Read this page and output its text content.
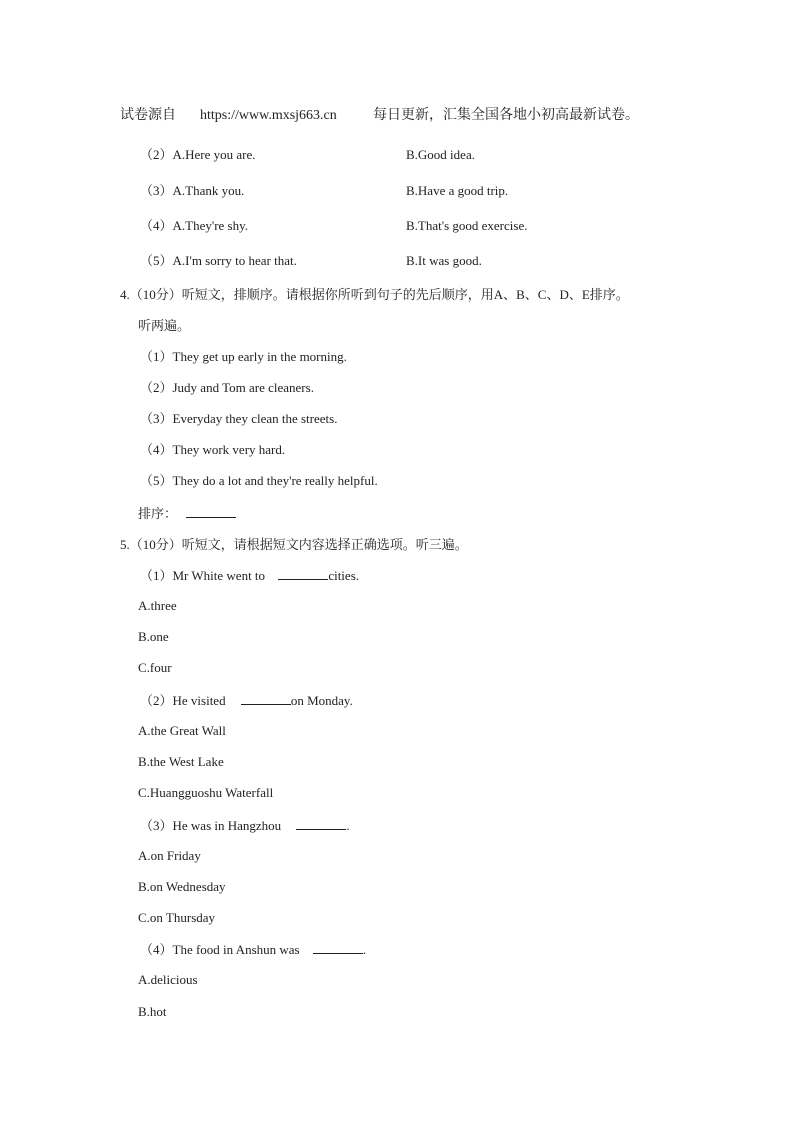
试卷源自 https://www.mxsj663.cn	每日更新，汇集全国各地小初高最新试卷。
（2）A.Here you are.	B.Good idea.
（3）A.Thank you.	B.Have a good trip.
（4）A.They're shy.	B.That's good exercise.
（5）A.I'm sorry to hear that.	B.It was good.
4.（10分）听短文，排顺序。请根据你所听到句子的先后顺序，用A、B、C、D、E排序。
听两遍。
（1）They get up early in the morning.
（2）Judy and Tom are cleaners.
（3）Everyday they clean the streets.
（4）They work very hard.
（5）They do a lot and they're really helpful.
排序：
5.（10分）听短文，请根据短文内容选择正确选项。听三遍。
（1）Mr White went to	cities.
A.three
B.one
C.four
（2）He visited	on Monday.
A.the Great Wall
B.the West Lake
C.Huangguoshu Waterfall
（3）He was in Hangzhou	.
A.on Friday
B.on Wednesday
C.on Thursday
（4）The food in Anshun was	.
A.delicious
B.hot
